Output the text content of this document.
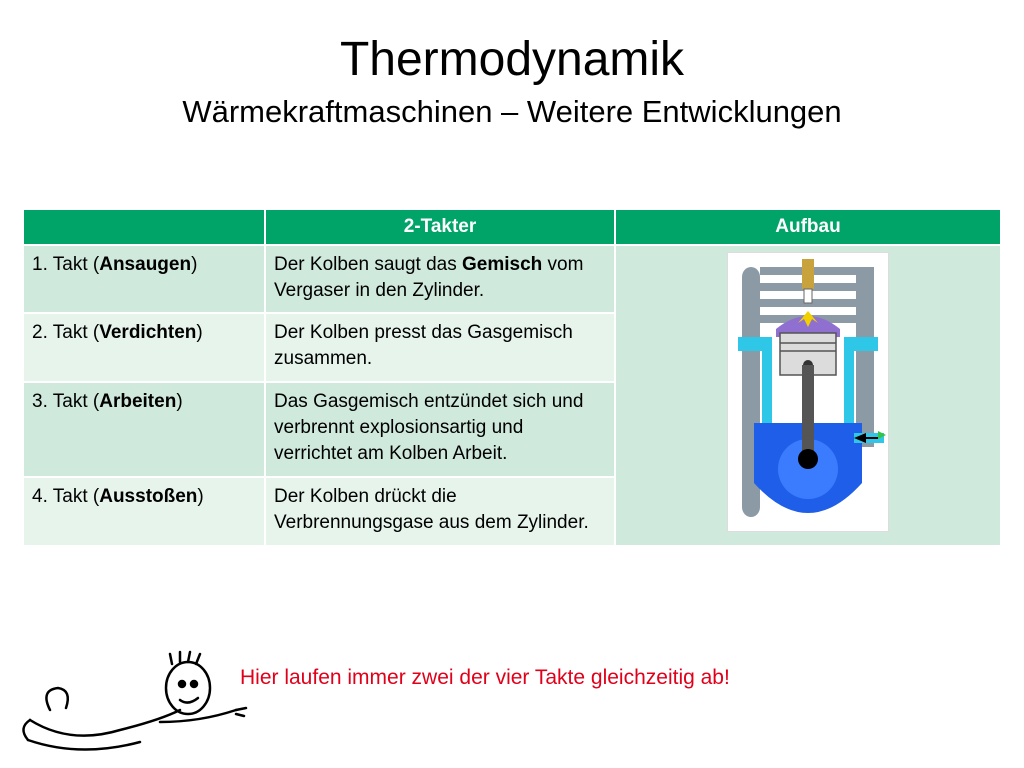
Thermodynamik
Wärmekraftmaschinen – Weitere Entwicklungen
	2-Takter	Aufbau
1. Takt (Ansaugen)	Der Kolben saugt das Gemisch vom Vergaser in den Zylinder.	
2. Takt (Verdichten)	Der Kolben presst das Gasgemisch zusammen.	
3. Takt (Arbeiten)	Das Gasgemisch entzündet sich und verbrennt explosionsartig und verrichtet am Kolben Arbeit.	
4. Takt (Ausstoßen)	Der Kolben drückt die Verbrennungsgase aus dem Zylinder.	
Hier laufen immer zwei der vier Takte gleichzeitig ab!
